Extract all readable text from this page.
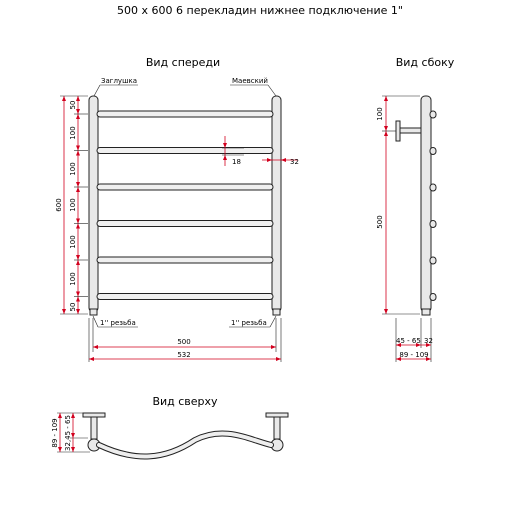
500 х 600 6 перекладин нижнее подключение 1"
Вид спереди
Заглушка	Маевский
1'' резьба	1'' резьба
600
50
100
100
100
100
100
50
18	32
500
532
Вид сбоку
100
500
45 - 65 32
89 - 109
Вид сверху
89 - 109 32,45 - 65
